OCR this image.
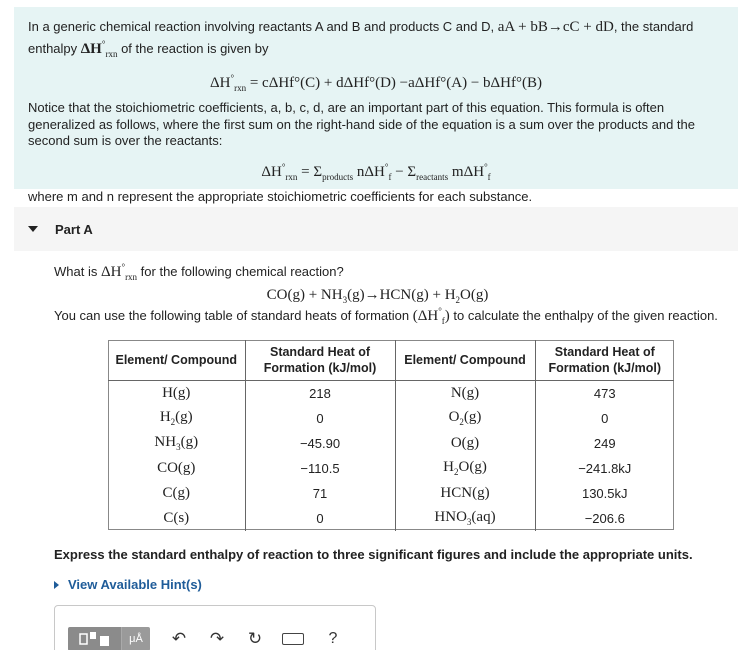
In a generic chemical reaction involving reactants A and B and products C and D, aA + bB→cC + dD, the standard
enthalpy $\Delta H^\circ_{rxn}$ of the reaction is given by

$\Delta H^\circ_{rxn} = c\Delta Hf^\circ(C) + d\Delta Hf^\circ(D) -a\Delta Hf^\circ(A) - b\Delta Hf^\circ(B)$

Notice that the stoichiometric coefficients, a, b, c, d, are an important part of this equation. This formula is often generalized as follows, where the first sum on the right-hand side of the equation is a sum over the products and the second sum is over the reactants:

$\Delta H^\circ_{rxn} = \Sigma_{products}$ $n\Delta H^\circ_f - \Sigma_{reactants}$ mΔH°$_f$

where m and n represent the appropriate stoichiometric coefficients for each substance.

Part A
What is $\Delta H^\circ_{rxn}$ for the following chemical reaction?
$CO(g) + NH_3(g)\to HCN(g) + H_2O(g)$
You can use the following table of standard heats of formation $(\Delta H^\circ_f)$ to calculate the enthalpy of the given reaction.
Element/ Compound	Standard Heat of Formation (kJ/mol)	Element/ Compound	Standard Heat of Formation (kJ/mol)
H(g)	218	N(g)	473
$H_2(g)$	0	$O_2(g)$	0
$NH_3(g)$	−45.90	O(g)	249
CO(g)	−110.5	$H_2O(g)$	−241.8kJ
C(g)	71	HCN(g)	130.5kJ
C(s)	0	$HNO_3(aq)$	−206.6
Express the standard enthalpy of reaction to three significant figures and include the appropriate units.
View Available Hint(s)
μÅ ↶ ↷ ↻	?
